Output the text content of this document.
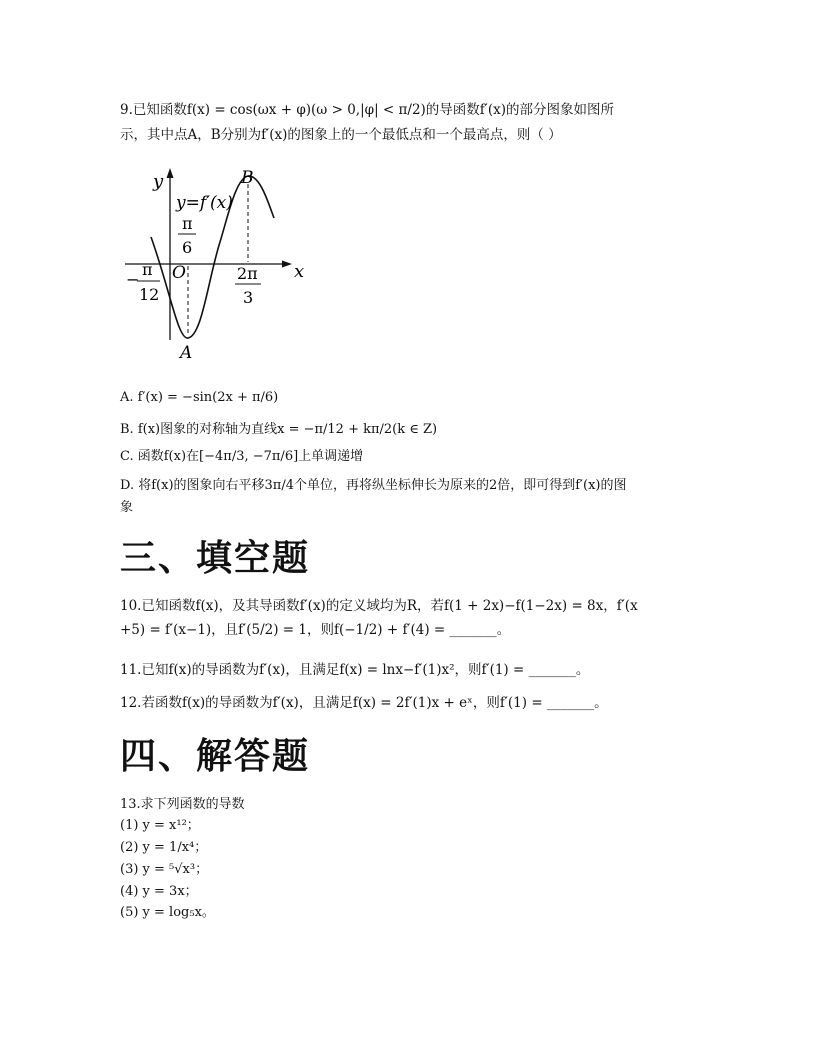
9.已知函数f(x) = cos(ωx + φ)(ω > 0,|φ| < π/2)的导函数f′(x)的部分图象如图所
示，其中点A，B分别为f′(x)的图象上的一个最低点和一个最高点，则（ ）
y
x
O
y=f′(x)
B
A
π
6
−
π
12
2π
3
A. f′(x) = −sin(2x + π/6)
B. f(x)图象的对称轴为直线x = −π/12 + kπ/2(k ∈ Z)
C. 函数f(x)在[−4π/3, −7π/6]上单调递增
D. 将f(x)的图象向右平移3π/4个单位，再将纵坐标伸长为原来的2倍，即可得到f′(x)的图
象
三、填空题
10.已知函数f(x)，及其导函数f′(x)的定义域均为R，若f(1 + 2x)−f(1−2x) = 8x，f′(x
+5) = f′(x−1)，且f′(5/2) = 1，则f(−1/2) + f′(4) = _______。
11.已知f(x)的导函数为f′(x)，且满足f(x) = lnx−f′(1)x²，则f′(1) = _______。
12.若函数f(x)的导函数为f′(x)，且满足f(x) = 2f′(1)x + eˣ，则f′(1) = _______。
四、解答题
13.求下列函数的导数
(1) y = x¹²；
(2) y = 1/x⁴；
(3) y = ⁵√x³；
(4) y = 3x；
(5) y = log₅x。
